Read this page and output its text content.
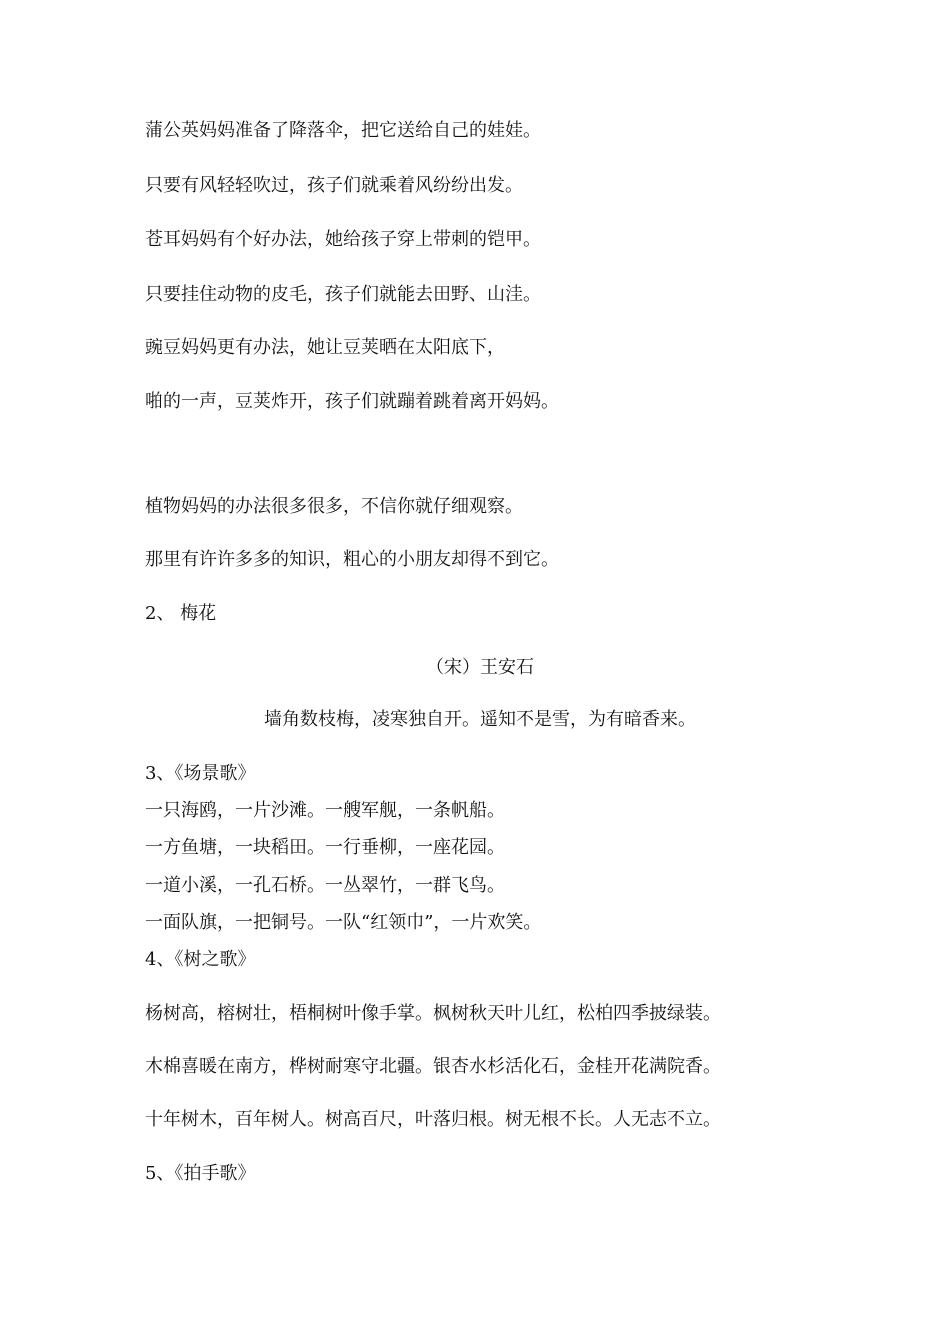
蒲公英妈妈准备了降落伞，把它送给自己的娃娃。

只要有风轻轻吹过，孩子们就乘着风纷纷出发。

苍耳妈妈有个好办法，她给孩子穿上带刺的铠甲。

只要挂住动物的皮毛，孩子们就能去田野、山洼。

豌豆妈妈更有办法，她让豆荚晒在太阳底下，

啪的一声，豆荚炸开，孩子们就蹦着跳着离开妈妈。

植物妈妈的办法很多很多，不信你就仔细观察。

那里有许许多多的知识，粗心的小朋友却得不到它。

2、 梅花

（宋）王安石

墙角数枝梅，凌寒独自开。遥知不是雪，为有暗香来。

3、《场景歌》

一只海鸥，一片沙滩。一艘军舰，一条帆船。

一方鱼塘，一块稻田。一行垂柳，一座花园。

一道小溪，一孔石桥。一丛翠竹，一群飞鸟。

一面队旗，一把铜号。一队“红领巾”，一片欢笑。

4、《树之歌》

杨树高，榕树壮，梧桐树叶像手掌。枫树秋天叶儿红，松柏四季披绿装。

木棉喜暖在南方，桦树耐寒守北疆。银杏水杉活化石，金桂开花满院香。

十年树木，百年树人。树高百尺，叶落归根。树无根不长。人无志不立。

5、《拍手歌》
